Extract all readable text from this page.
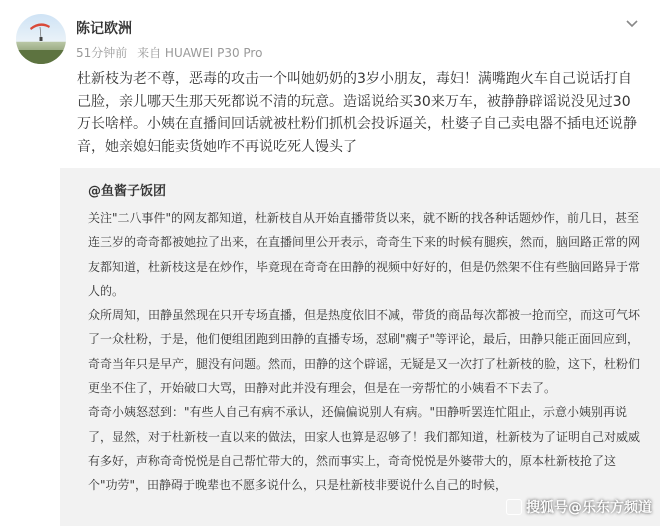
陈记欧洲
51分钟前 来自 HUAWEI P30 Pro
杜新枝为老不尊，恶毒的攻击一个叫她奶奶的3岁小朋友，毒妇！满嘴跑火车自己说话打自己脸，亲儿哪天生那天死都说不清的玩意。造谣说给买30来万车，被静静辟谣说没见过30万长啥样。小姨在直播间回话就被杜粉们抓机会投诉逼关，杜婆子自己卖电器不插电还说静音，她亲媳妇能卖货她咋不再说吃死人馒头了
@鱼酱子饭团

关注"二八事件"的网友都知道，杜新枝自从开始直播带货以来，就不断的找各种话题炒作，前几日，甚至连三岁的奇奇都被她拉了出来，在直播间里公开表示，奇奇生下来的时候有腿疾，然而，脑回路正常的网友都知道，杜新枝这是在炒作，毕竟现在奇奇在田静的视频中好好的，但是仍然架不住有些脑回路异于常人的。

众所周知，田静虽然现在只开专场直播，但是热度依旧不减，带货的商品每次都被一抢而空，而这可气坏了一众杜粉，于是，他们便组团跑到田静的直播专场，怼刷"瘸子"等评论，最后，田静只能正面回应到，奇奇当年只是早产，腿没有问题。然而，田静的这个辟谣，无疑是又一次打了杜新枝的脸，这下，杜粉们更坐不住了，开始破口大骂，田静对此并没有理会，但是在一旁帮忙的小姨看不下去了。

奇奇小姨怒怼到："有些人自己有病不承认，还偏偏说别人有病。"田静听罢连忙阻止，示意小姨别再说了，显然，对于杜新枝一直以来的做法，田家人也算是忍够了！我们都知道，杜新枝为了证明自己对威威有多好，声称奇奇悦悦是自己帮忙带大的，然而事实上，奇奇悦悦是外婆带大的，原本杜新枝抢了这个"功劳"，田静碍于晚辈也不愿多说什么，只是杜新枝非要说什么自己的时候，

搜狐号@乐东方频道
